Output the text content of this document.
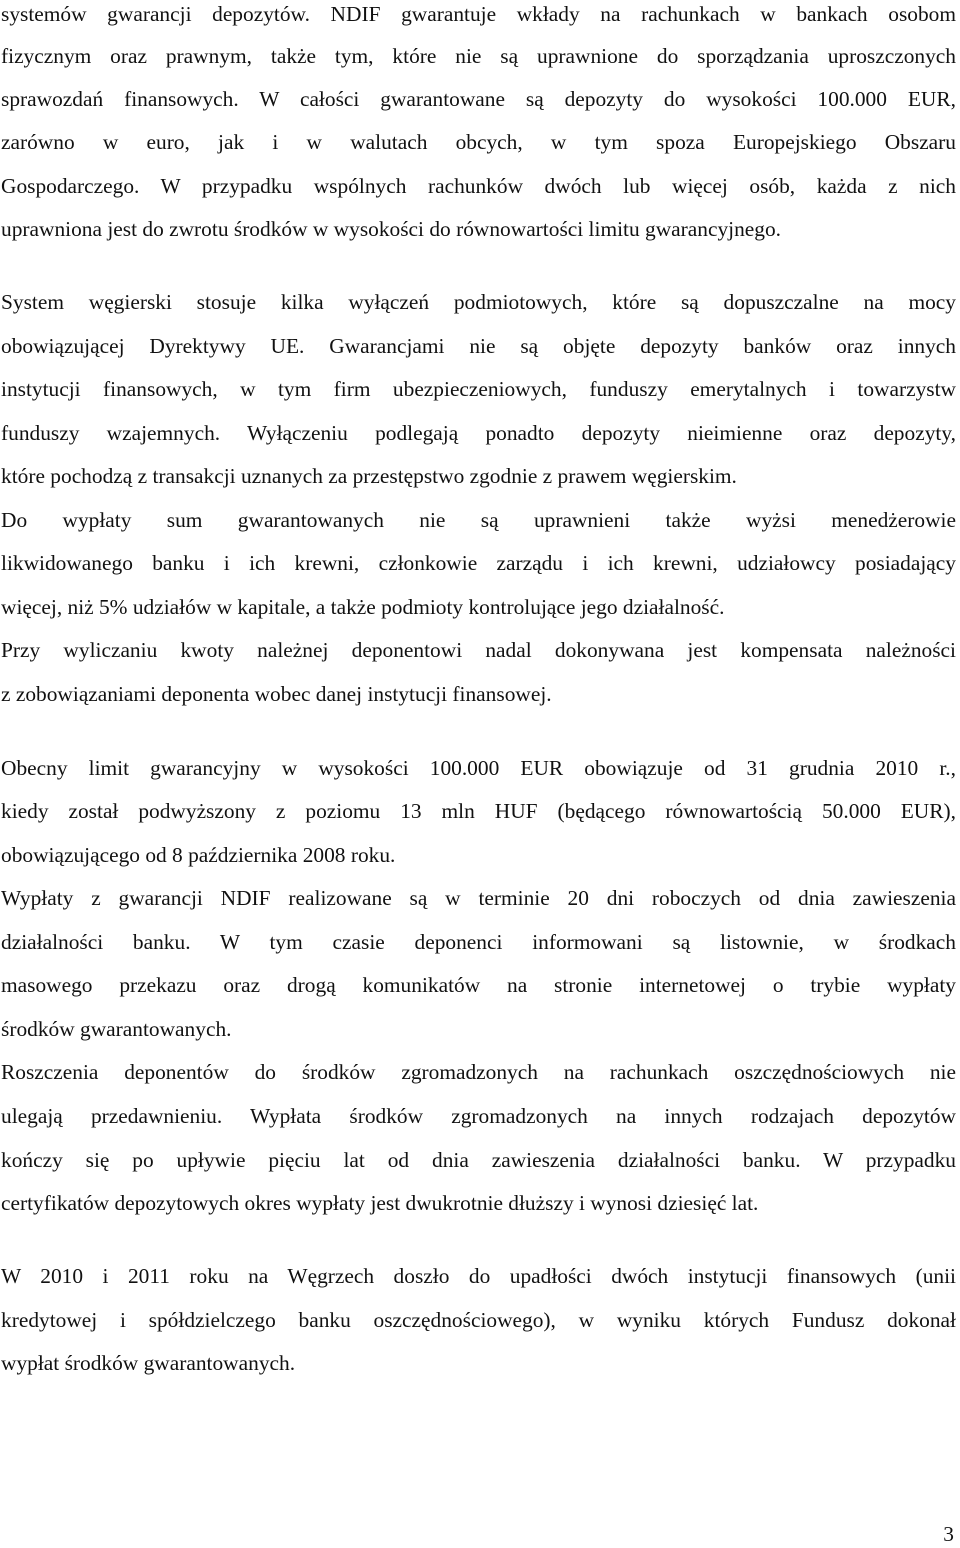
systemów gwarancji depozytów. NDIF gwarantuje wkłady na rachunkach w bankach osobom
fizycznym oraz prawnym, także tym, które nie są uprawnione do sporządzania uproszczonych
sprawozdań finansowych. W całości gwarantowane są depozyty do wysokości 100.000 EUR,
zarówno w euro, jak i w walutach obcych, w tym spoza Europejskiego Obszaru
Gospodarczego. W przypadku wspólnych rachunków dwóch lub więcej osób, każda z nich
uprawniona jest do zwrotu środków w wysokości do równowartości limitu gwarancyjnego.
System węgierski stosuje kilka wyłączeń podmiotowych, które są dopuszczalne na mocy
obowiązującej Dyrektywy UE. Gwarancjami nie są objęte depozyty banków oraz innych
instytucji finansowych, w tym firm ubezpieczeniowych, funduszy emerytalnych i towarzystw
funduszy wzajemnych. Wyłączeniu podlegają ponadto depozyty nieimienne oraz depozyty,
które pochodzą z transakcji uznanych za przestępstwo zgodnie z prawem węgierskim.
Do wypłaty sum gwarantowanych nie są uprawnieni także wyżsi menedżerowie
likwidowanego banku i ich krewni, członkowie zarządu i ich krewni, udziałowcy posiadający
więcej, niż 5% udziałów w kapitale, a także podmioty kontrolujące jego działalność.
Przy wyliczaniu kwoty należnej deponentowi nadal dokonywana jest kompensata należności
z zobowiązaniami deponenta wobec danej instytucji finansowej.
Obecny limit gwarancyjny w wysokości 100.000 EUR obowiązuje od 31 grudnia 2010 r.,
kiedy został podwyższony z poziomu 13 mln HUF (będącego równowartością 50.000 EUR),
obowiązującego od 8 października 2008 roku.
Wypłaty z gwarancji NDIF realizowane są w terminie 20 dni roboczych od dnia zawieszenia
działalności banku. W tym czasie deponenci informowani są listownie, w środkach
masowego przekazu oraz drogą komunikatów na stronie internetowej o trybie wypłaty
środków gwarantowanych.
Roszczenia deponentów do środków zgromadzonych na rachunkach oszczędnościowych nie
ulegają przedawnieniu. Wypłata środków zgromadzonych na innych rodzajach depozytów
kończy się po upływie pięciu lat od dnia zawieszenia działalności banku. W przypadku
certyfikatów depozytowych okres wypłaty jest dwukrotnie dłuższy i wynosi dziesięć lat.
W 2010 i 2011 roku na Węgrzech doszło do upadłości dwóch instytucji finansowych (unii
kredytowej i spółdzielczego banku oszczędnościowego), w wyniku których Fundusz dokonał
wypłat środków gwarantowanych.
3
